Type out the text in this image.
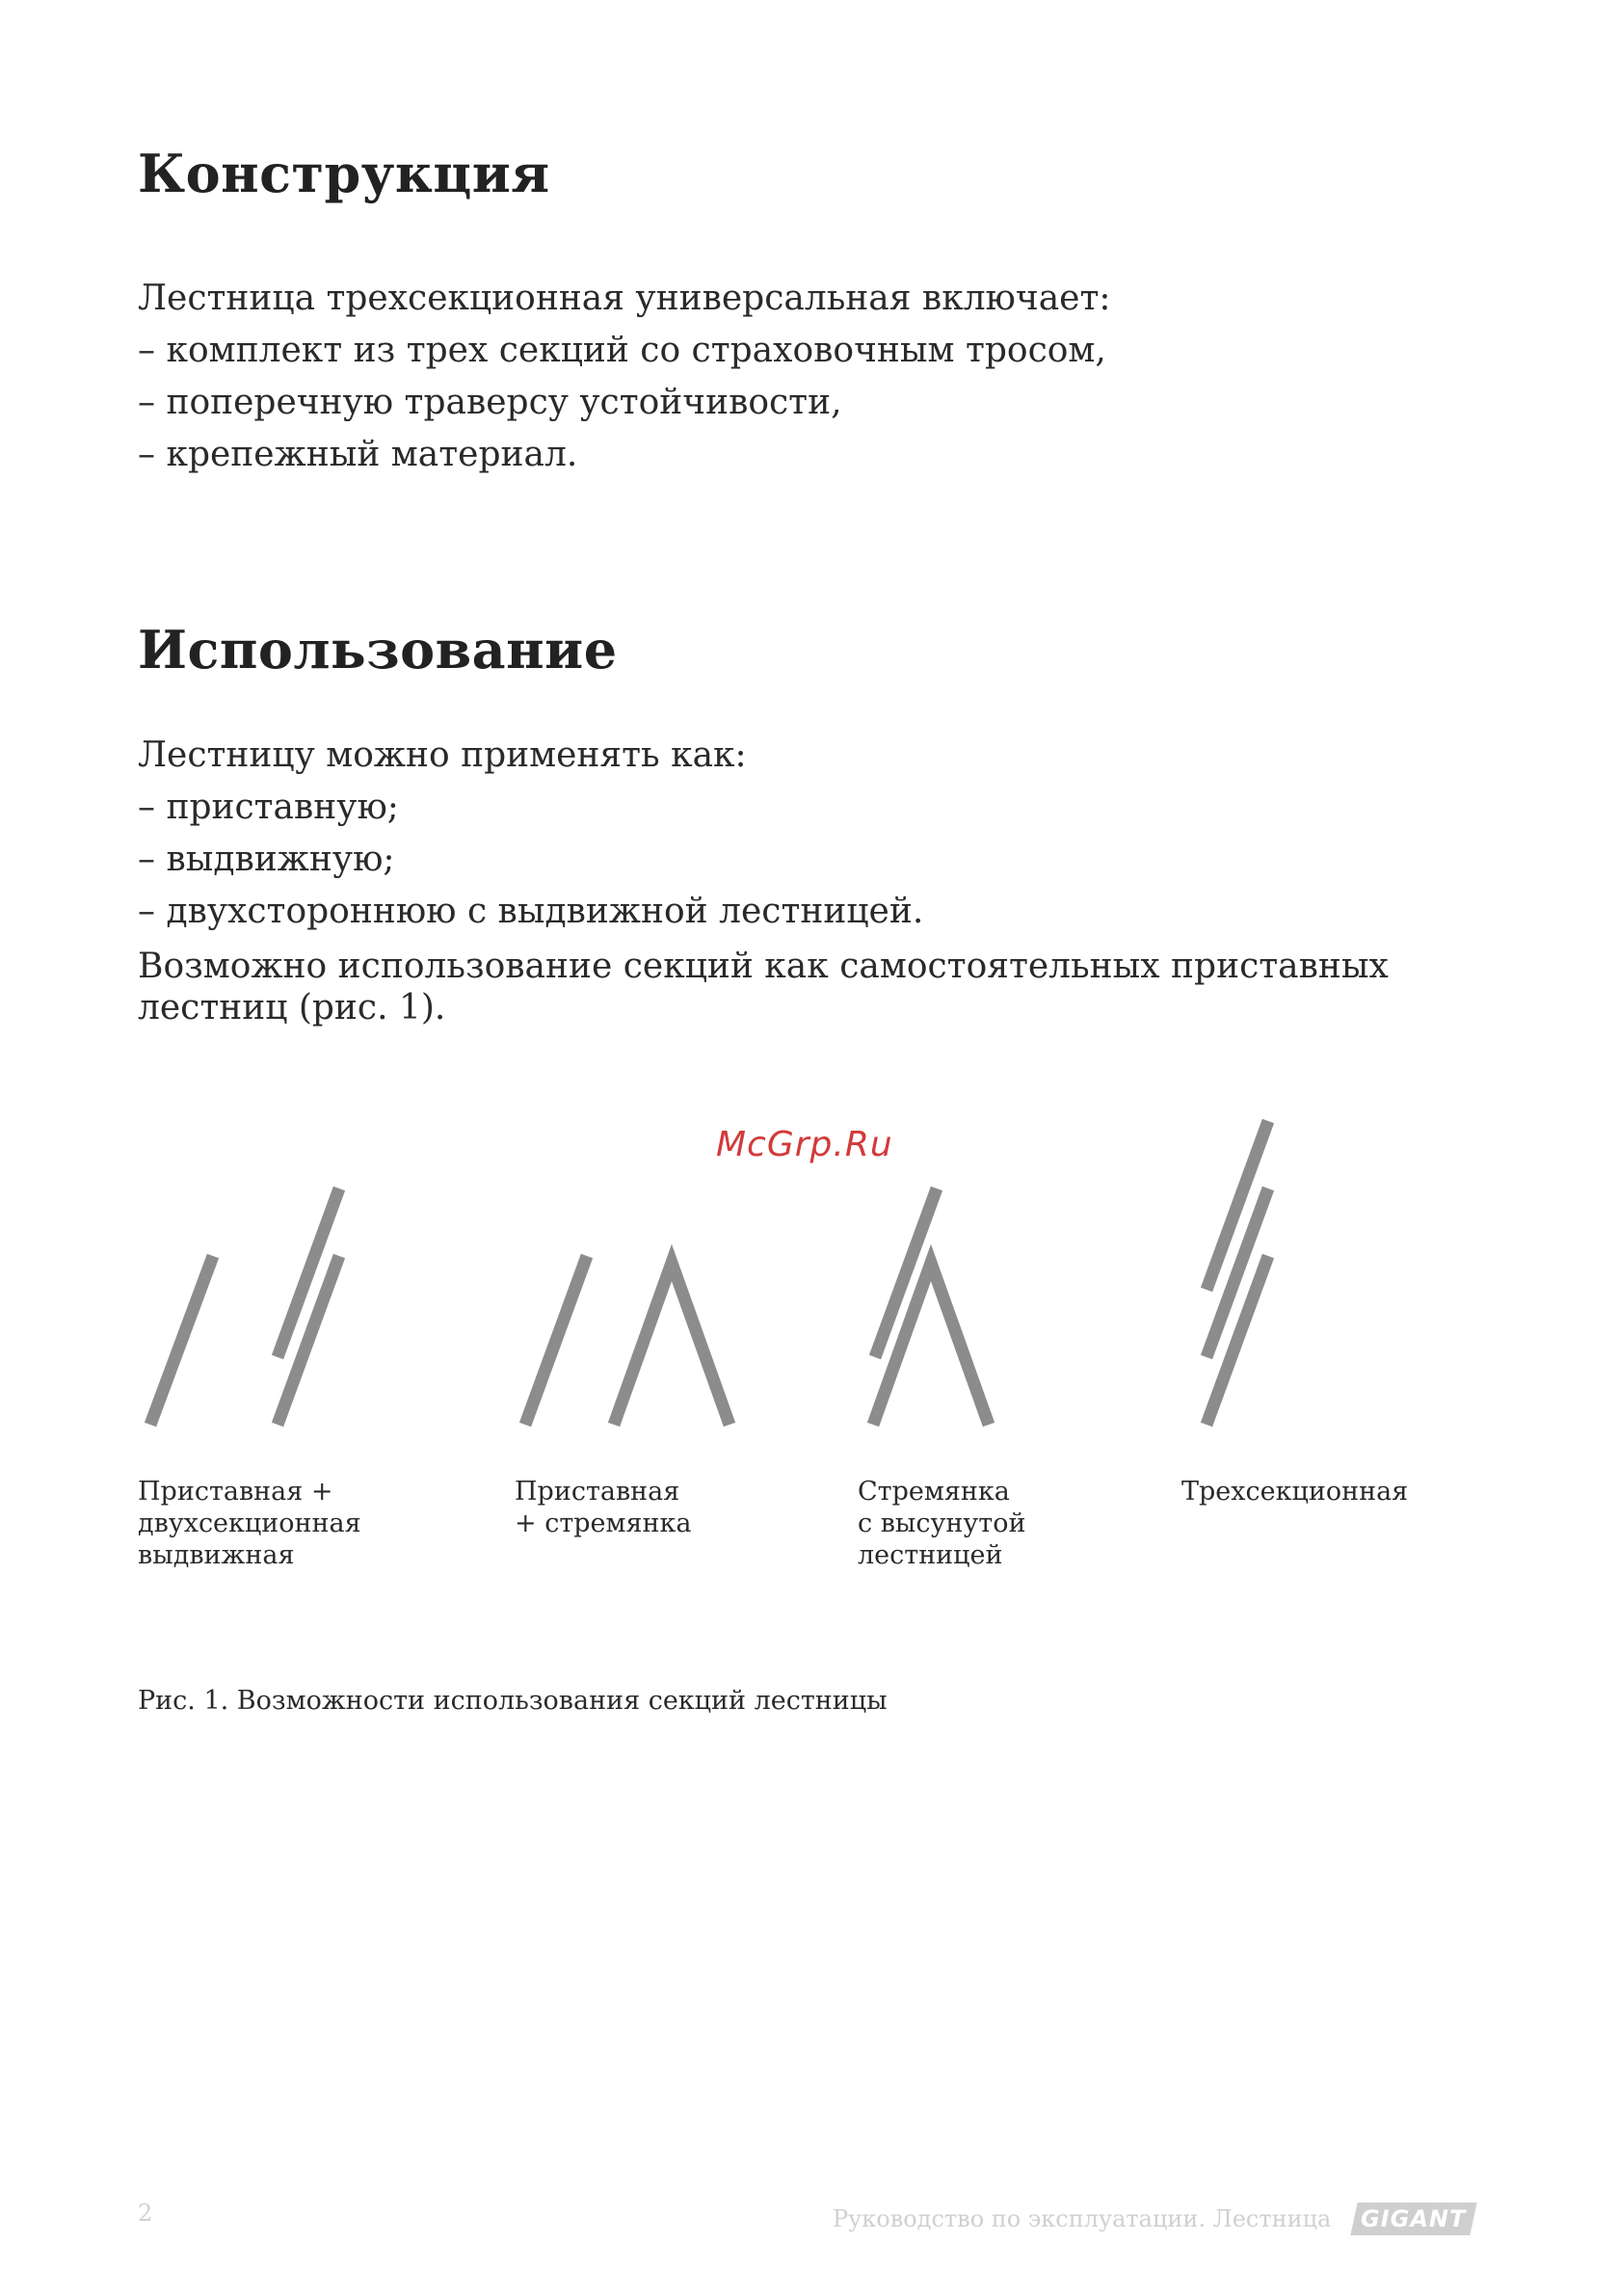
Конструкция
Лестница трехсекционная универсальная включает:
– комплект из трех секций со страховочным тросом,
– поперечную траверсу устойчивости,
– крепежный материал.
Использование
Лестницу можно применять как:
– приставную;
– выдвижную;
– двухстороннюю с выдвижной лестницей.
Возможно использование секций как самостоятельных приставных
лестниц (рис. 1).
McGrp.Ru
Приставная +
двухсекционная
выдвижная
Приставная
+ стремянка
Стремянка
с высунутой
лестницей
Трехсекционная
Рис. 1. Возможности использования секций лестницы
2	Руководство по эксплуатации. Лестница	GIGANT
